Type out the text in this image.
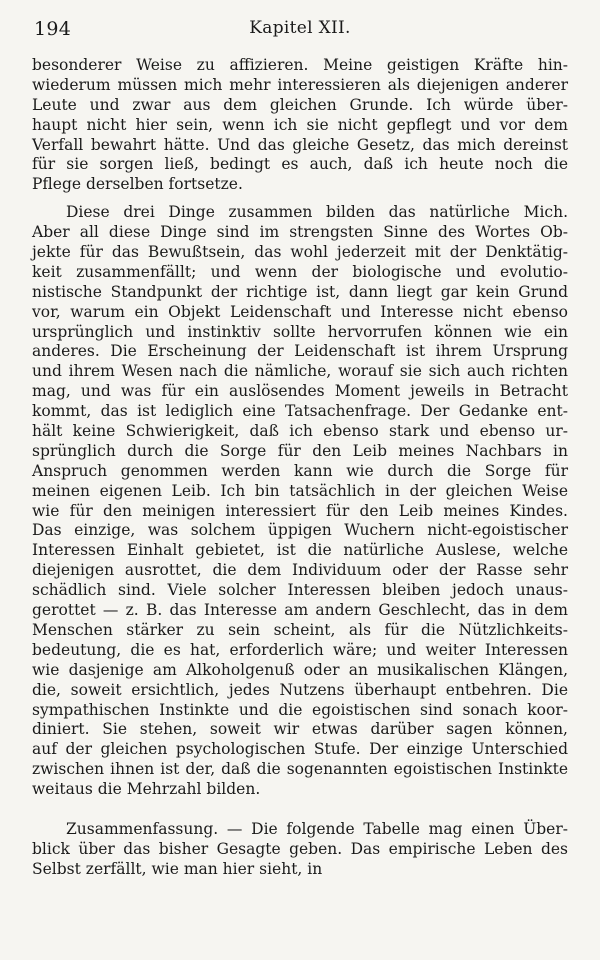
194	Kapitel XII.
besonderer Weise zu affizieren. Meine geistigen Kräfte hin-
wiederum müssen mich mehr interessieren als diejenigen anderer
Leute und zwar aus dem gleichen Grunde. Ich würde über-
haupt nicht hier sein, wenn ich sie nicht gepflegt und vor dem
Verfall bewahrt hätte. Und das gleiche Gesetz, das mich dereinst
für sie sorgen ließ, bedingt es auch, daß ich heute noch die
Pflege derselben fortsetze.
Diese drei Dinge zusammen bilden das natürliche Mich.
Aber all diese Dinge sind im strengsten Sinne des Wortes Ob-
jekte für das Bewußtsein, das wohl jederzeit mit der Denktätig-
keit zusammenfällt; und wenn der biologische und evolutio-
nistische Standpunkt der richtige ist, dann liegt gar kein Grund
vor, warum ein Objekt Leidenschaft und Interesse nicht ebenso
ursprünglich und instinktiv sollte hervorrufen können wie ein
anderes. Die Erscheinung der Leidenschaft ist ihrem Ursprung
und ihrem Wesen nach die nämliche, worauf sie sich auch richten
mag, und was für ein auslösendes Moment jeweils in Betracht
kommt, das ist lediglich eine Tatsachenfrage. Der Gedanke ent-
hält keine Schwierigkeit, daß ich ebenso stark und ebenso ur-
sprünglich durch die Sorge für den Leib meines Nachbars in
Anspruch genommen werden kann wie durch die Sorge für
meinen eigenen Leib. Ich bin tatsächlich in der gleichen Weise
wie für den meinigen interessiert für den Leib meines Kindes.
Das einzige, was solchem üppigen Wuchern nicht-egoistischer
Interessen Einhalt gebietet, ist die natürliche Auslese, welche
diejenigen ausrottet, die dem Individuum oder der Rasse sehr
schädlich sind. Viele solcher Interessen bleiben jedoch unaus-
gerottet — z. B. das Interesse am andern Geschlecht, das in dem
Menschen stärker zu sein scheint, als für die Nützlichkeits-
bedeutung, die es hat, erforderlich wäre; und weiter Interessen
wie dasjenige am Alkoholgenuß oder an musikalischen Klängen,
die, soweit ersichtlich, jedes Nutzens überhaupt entbehren. Die
sympathischen Instinkte und die egoistischen sind sonach koor-
diniert. Sie stehen, soweit wir etwas darüber sagen können,
auf der gleichen psychologischen Stufe. Der einzige Unterschied
zwischen ihnen ist der, daß die sogenannten egoistischen Instinkte
weitaus die Mehrzahl bilden.
Zusammenfassung. — Die folgende Tabelle mag einen Über-
blick über das bisher Gesagte geben. Das empirische Leben des
Selbst zerfällt, wie man hier sieht, in
